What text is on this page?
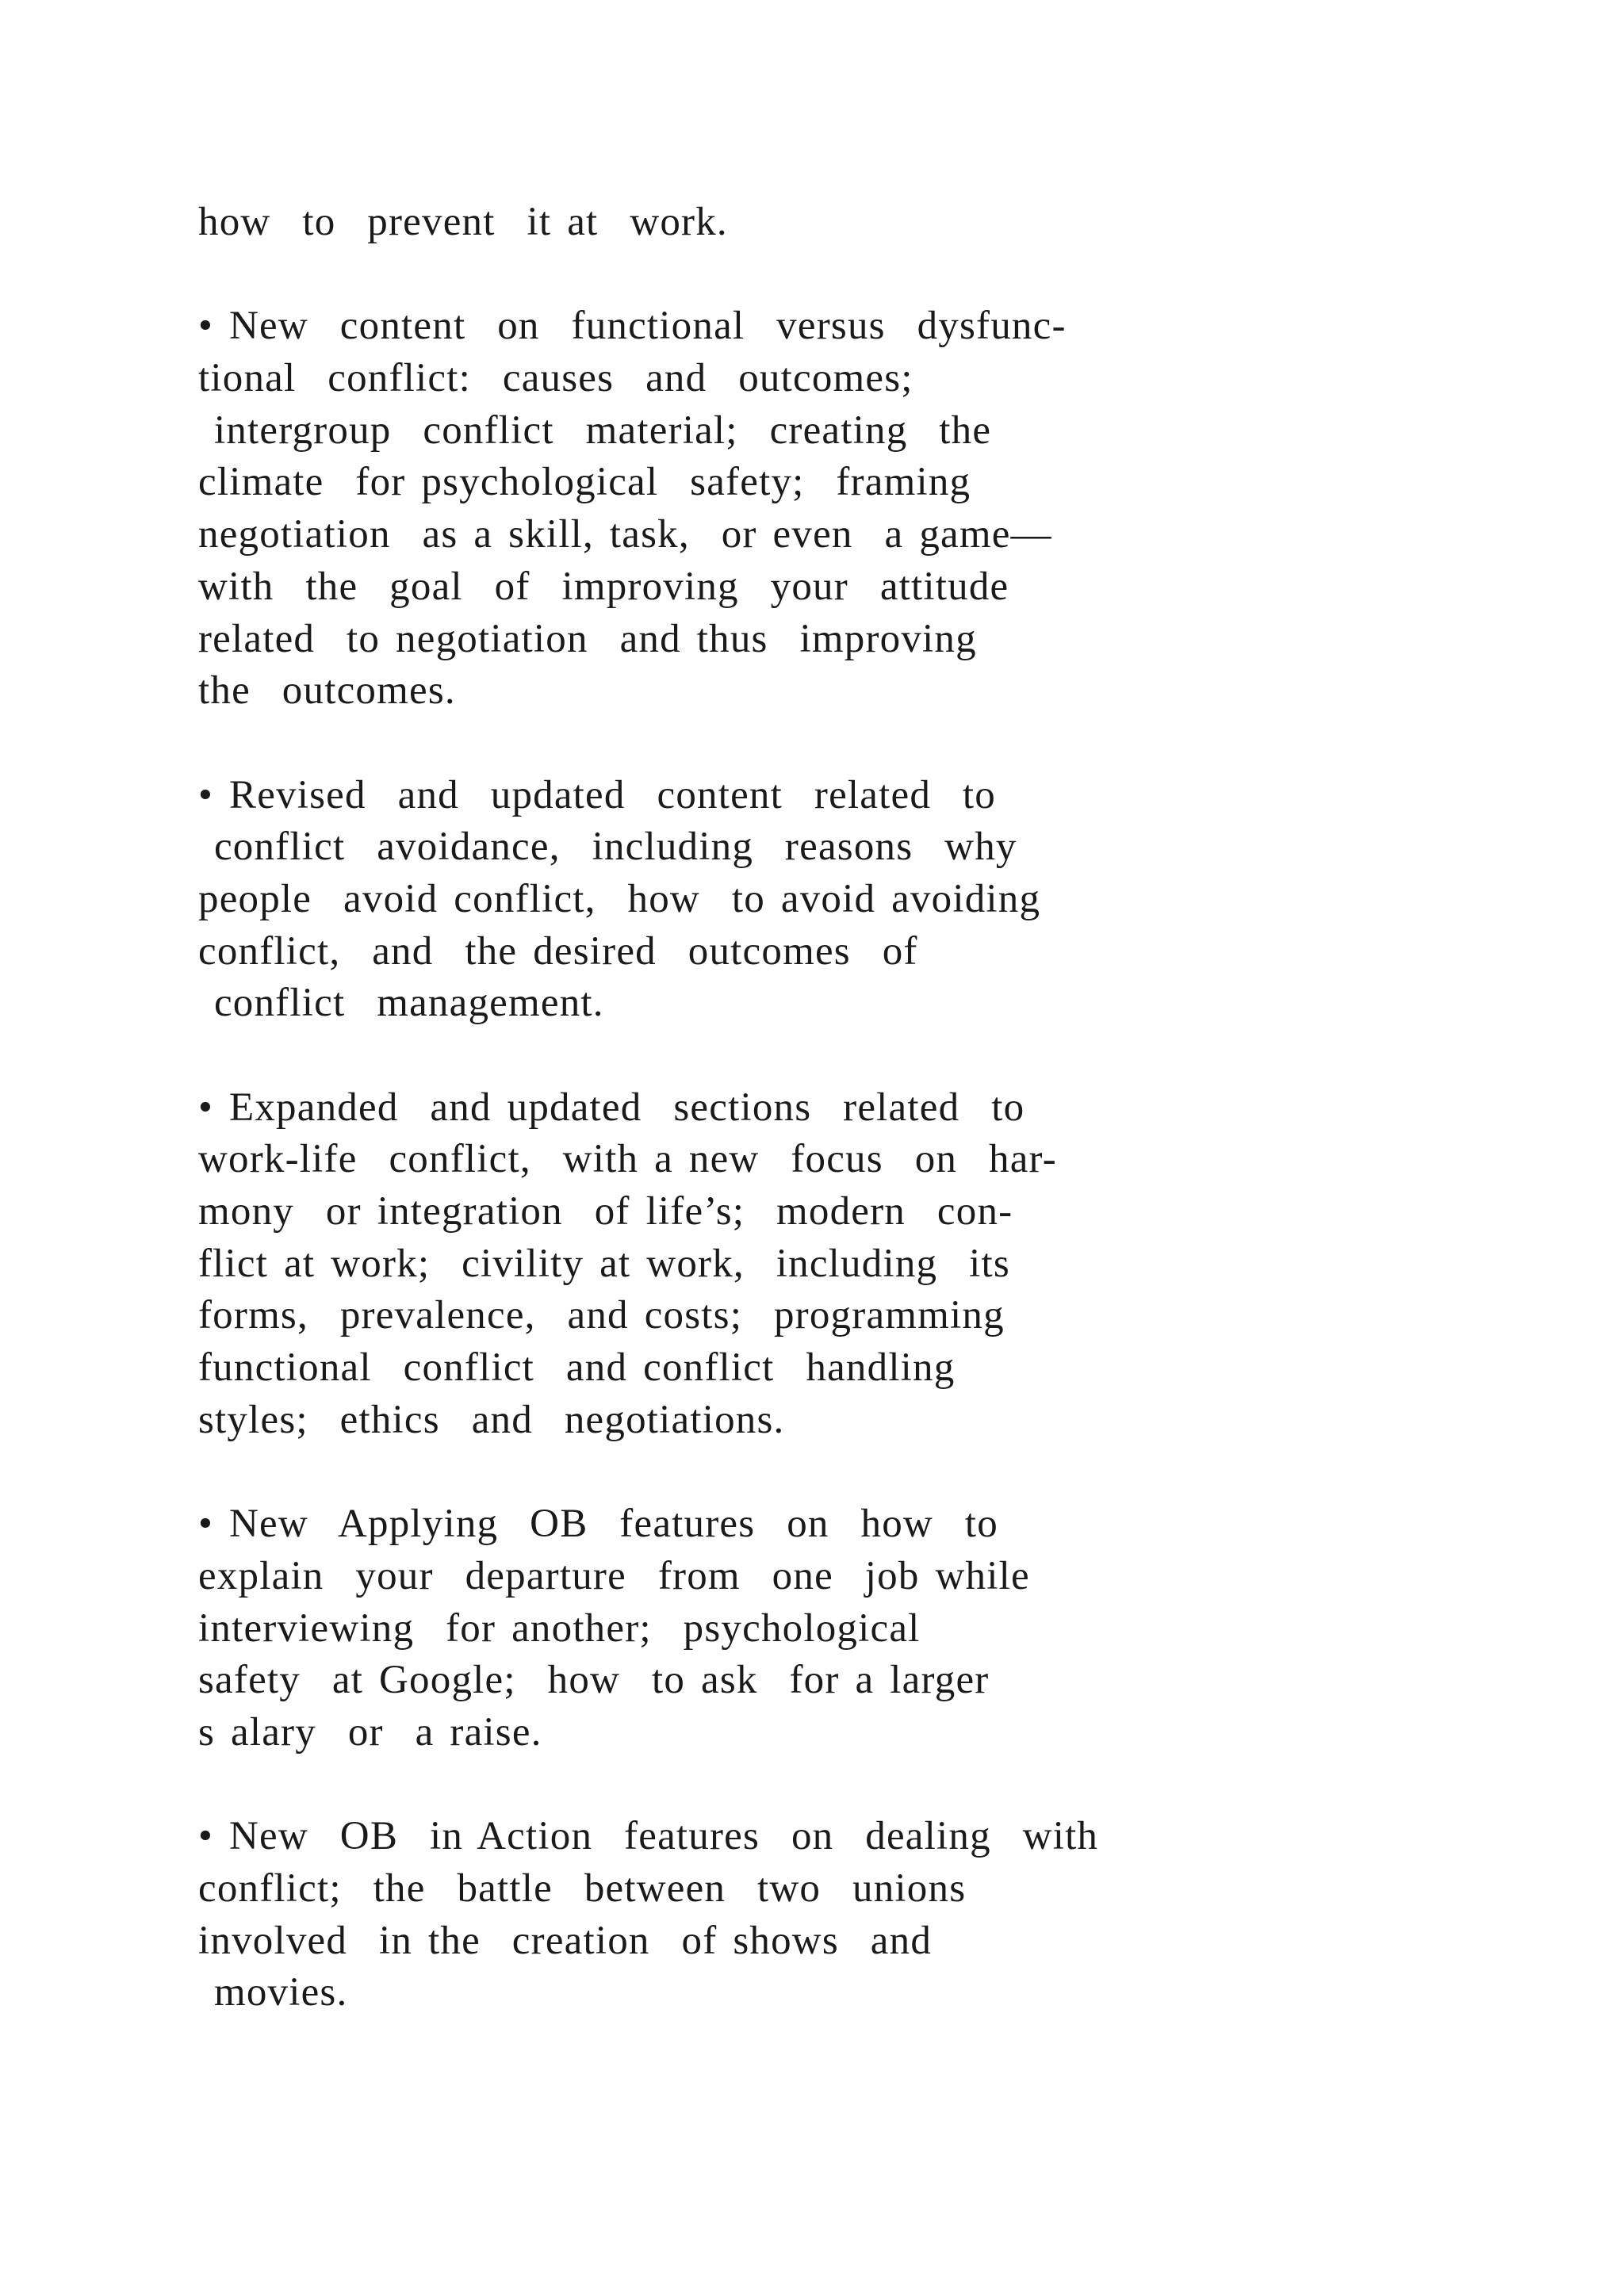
how  to  prevent  it at  work.
• New  content  on  functional  versus  dysfunc-
tional  conflict:  causes  and  outcomes;
intergroup  conflict  material;  creating  the
climate  for psychological  safety;  framing
negotiation  as a skill, task,  or even  a game—
with  the  goal  of  improving  your  attitude
related  to negotiation  and thus  improving
the  outcomes.
• Revised  and  updated  content  related  to
conflict  avoidance,  including  reasons  why
people  avoid conflict,  how  to avoid avoiding
conflict,  and  the desired  outcomes  of
conflict  management.
• Expanded  and updated  sections  related  to
work-life  conflict,  with a new  focus  on  har-
mony  or integration  of life’s;  modern  con-
flict at work;  civility at work,  including  its
forms,  prevalence,  and costs;  programming
functional  conflict  and conflict  handling
styles;  ethics  and  negotiations.
• New  Applying  OB  features  on  how  to
explain  your  departure  from  one  job while
interviewing  for another;  psychological
safety  at Google;  how  to ask  for a larger
s alary  or  a raise.
• New  OB  in Action  features  on  dealing  with
conflict;  the  battle  between  two  unions
involved  in the  creation  of shows  and
movies.
